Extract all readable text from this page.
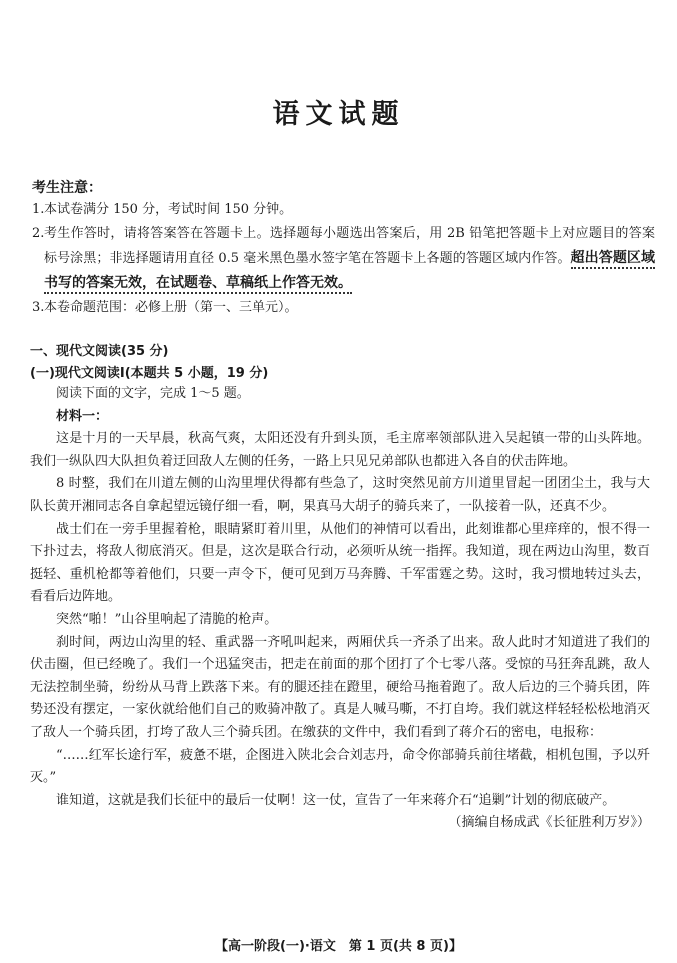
语文试题
考生注意：
1. 本试卷满分 150 分，考试时间 150 分钟。
2. 考生作答时，请将答案答在答题卡上。选择题每小题选出答案后，用 2B 铅笔把答题卡上对应题目的答案标号涂黑；非选择题请用直径 0.5 毫米黑色墨水签字笔在答题卡上各题的答题区域内作答。超出答题区域书写的答案无效，在试题卷、草稿纸上作答无效。
3. 本卷命题范围：必修上册（第一、三单元）。
一、现代文阅读(35 分)
(一)现代文阅读Ⅰ(本题共 5 小题，19 分)

阅读下面的文字，完成 1～5 题。

材料一：

这是十月的一天早晨，秋高气爽，太阳还没有升到头顶，毛主席率领部队进入吴起镇一带的山头阵地。我们一纵队四大队担负着迂回敌人左侧的任务，一路上只见兄弟部队也都进入各自的伏击阵地。

8 时整，我们在川道左侧的山沟里埋伏得都有些急了，这时突然见前方川道里冒起一团团尘土，我与大队长黄开湘同志各自拿起望远镜仔细一看，啊，果真马大胡子的骑兵来了，一队接着一队，还真不少。

战士们在一旁手里握着枪，眼睛紧盯着川里，从他们的神情可以看出，此刻谁都心里痒痒的，恨不得一下扑过去，将敌人彻底消灭。但是，这次是联合行动，必须听从统一指挥。我知道，现在两边山沟里，数百挺轻、重机枪都等着他们，只要一声令下，便可见到万马奔腾、千军雷霆之势。这时，我习惯地转过头去，看看后边阵地。

突然“啪！”山谷里响起了清脆的枪声。

刹时间，两边山沟里的轻、重武器一齐吼叫起来，两厢伏兵一齐杀了出来。敌人此时才知道进了我们的伏击圈，但已经晚了。我们一个迅猛突击，把走在前面的那个团打了个七零八落。受惊的马狂奔乱跳，敌人无法控制坐骑，纷纷从马背上跌落下来。有的腿还挂在蹬里，硬给马拖着跑了。敌人后边的三个骑兵团，阵势还没有摆定，一家伙就给他们自己的败骑冲散了。真是人喊马嘶，不打自垮。我们就这样轻轻松松地消灭了敌人一个骑兵团，打垮了敌人三个骑兵团。在缴获的文件中，我们看到了蒋介石的密电，电报称：

“……红军长途行军，疲惫不堪，企图进入陕北会合刘志丹，命令你部骑兵前往堵截，相机包围，予以歼灭。”

谁知道，这就是我们长征中的最后一仗啊！这一仗，宣告了一年来蒋介石“追剿”计划的彻底破产。

（摘编自杨成武《长征胜利万岁》）

【高一阶段(一)·语文　第 1 页(共 8 页)】
